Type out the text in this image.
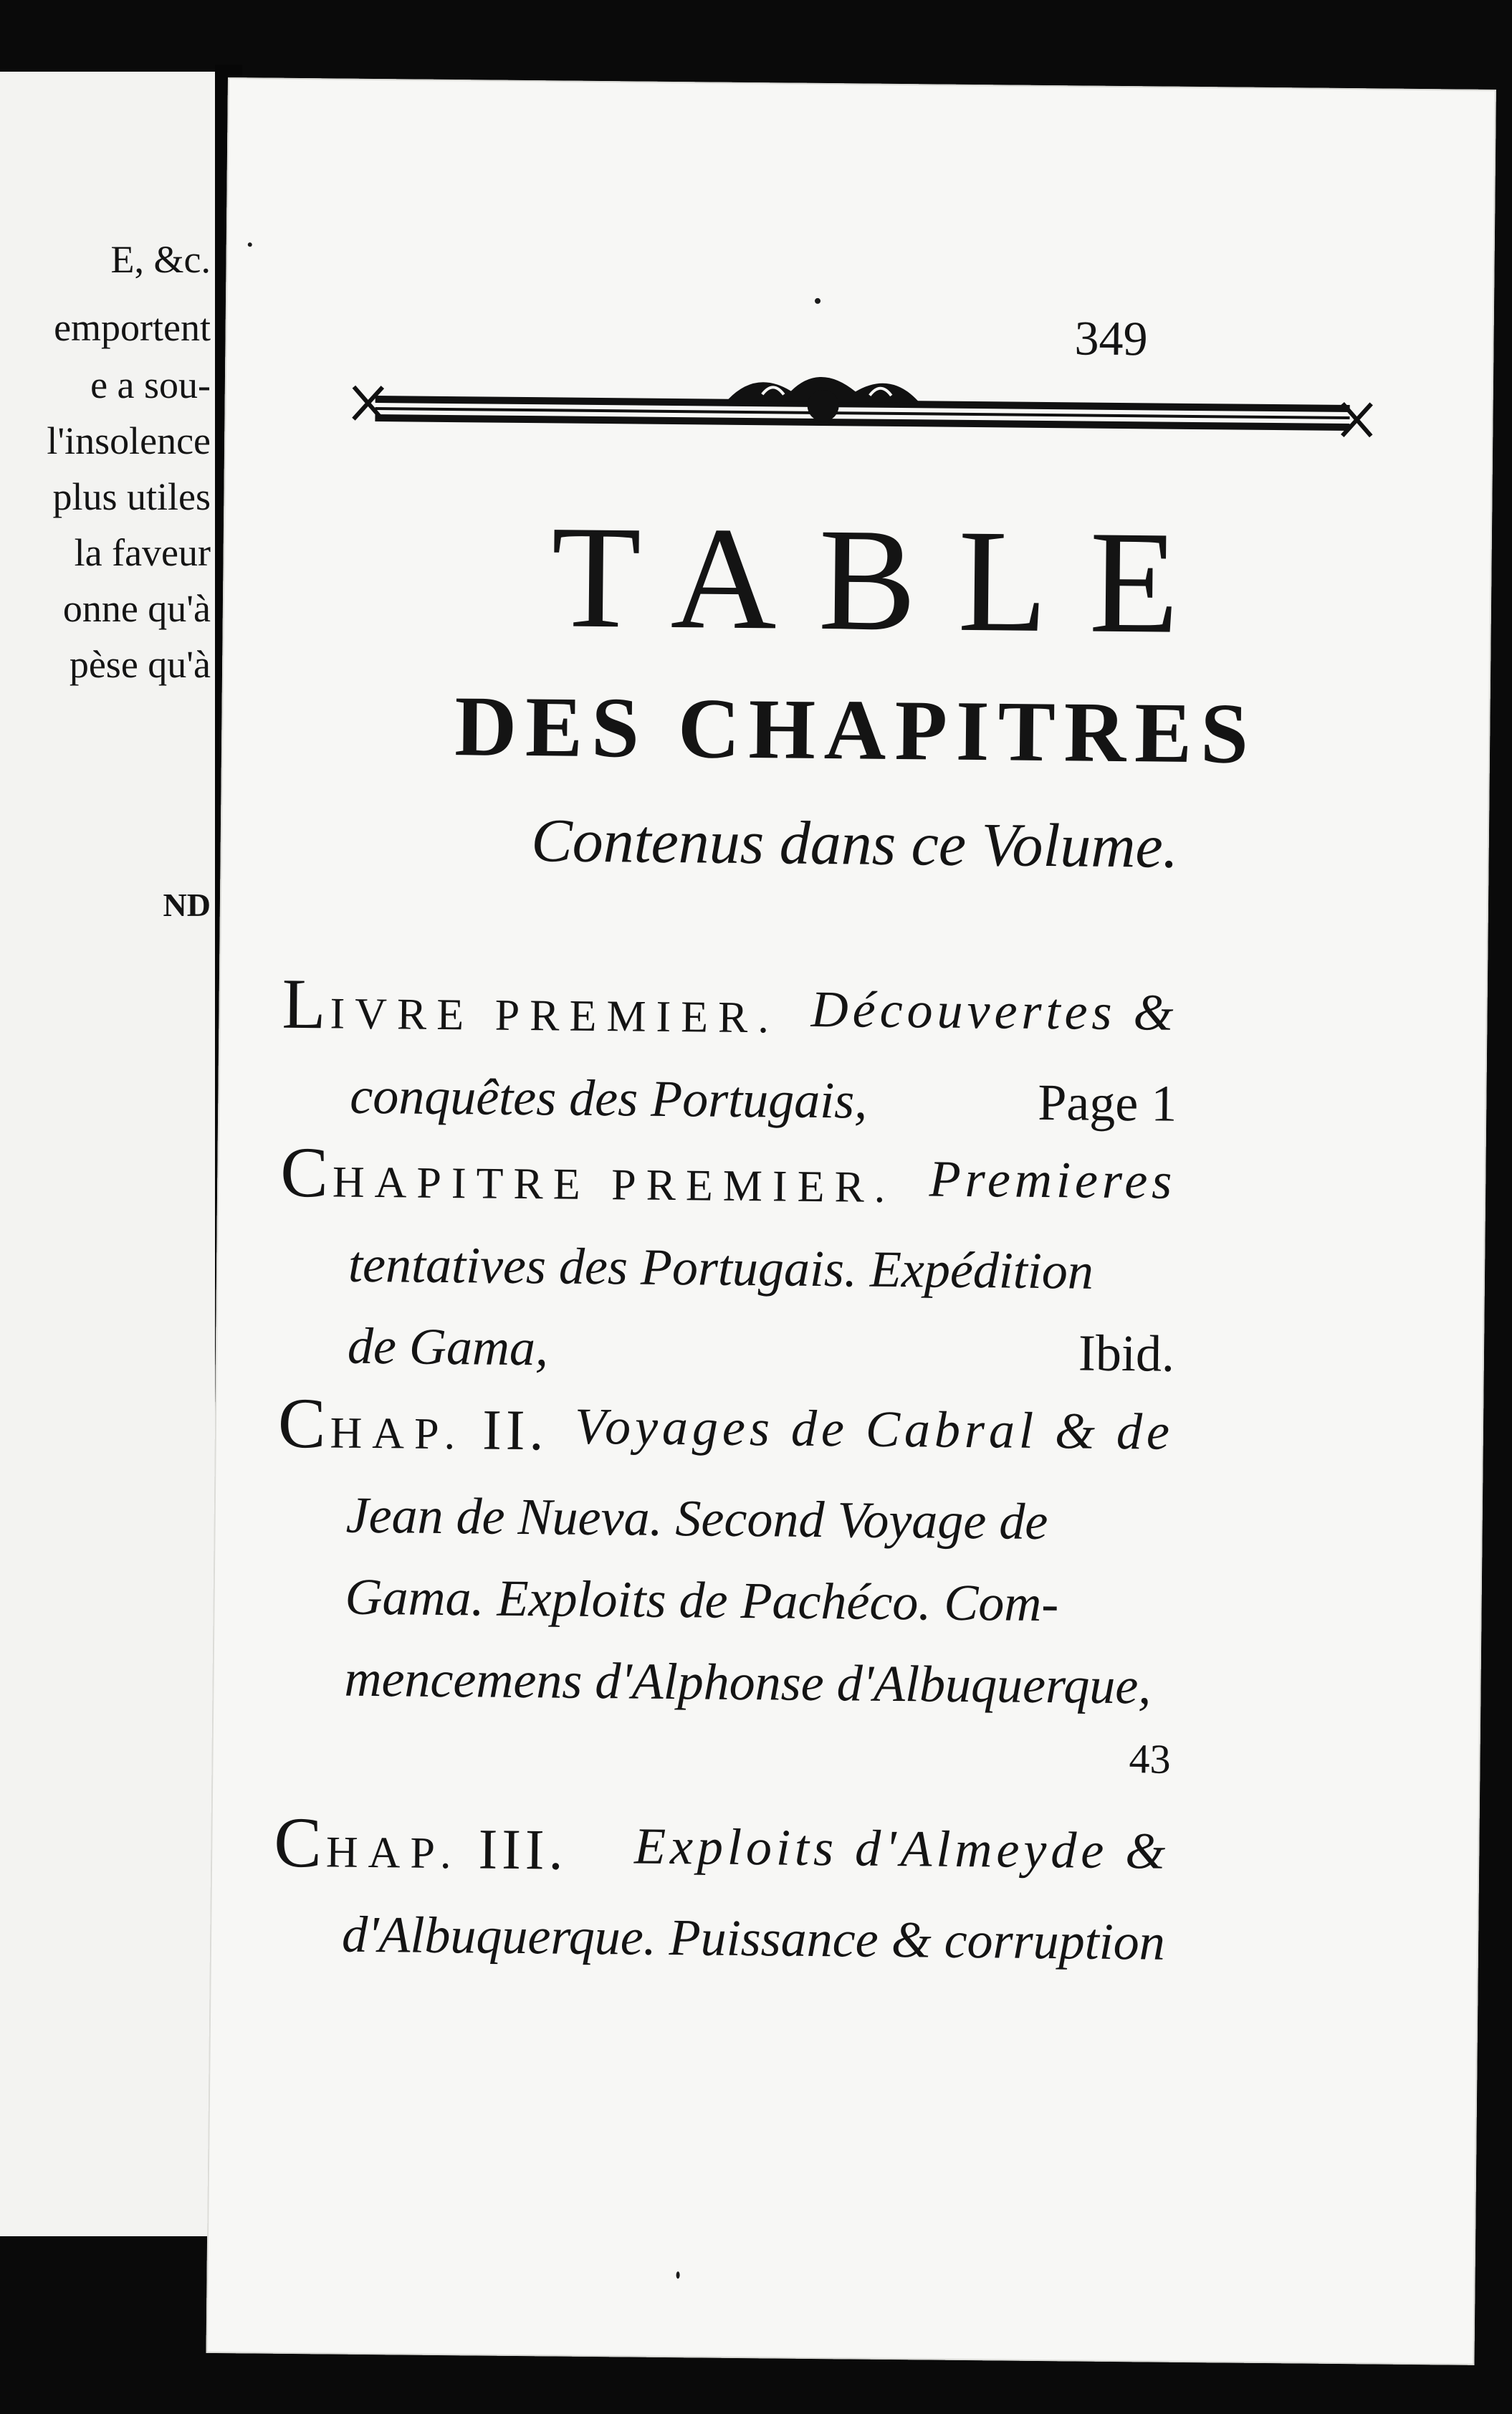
E, &c.
emportent
e a sou-
l'insolence
plus utiles
la faveur
onne qu'à
pèse qu'à
ND
349
TABLE
DES CHAPITRES
Contenus dans ce Volume.
LIVRE PREMIER. Découvertes &
conquêtes des Portugais,	Page 1
CHAPITRE PREMIER. Premieres
tentatives des Portugais. Expédition
de Gama,	Ibid.
CHAP. II. Voyages de Cabral & de
Jean de Nueva. Second Voyage de
Gama. Exploits de Pachéco. Com-
mencemens d'Alphonse d'Albuquerque,
43
CHAP. III. Exploits d'Almeyde &
d'Albuquerque. Puissance & corruption
